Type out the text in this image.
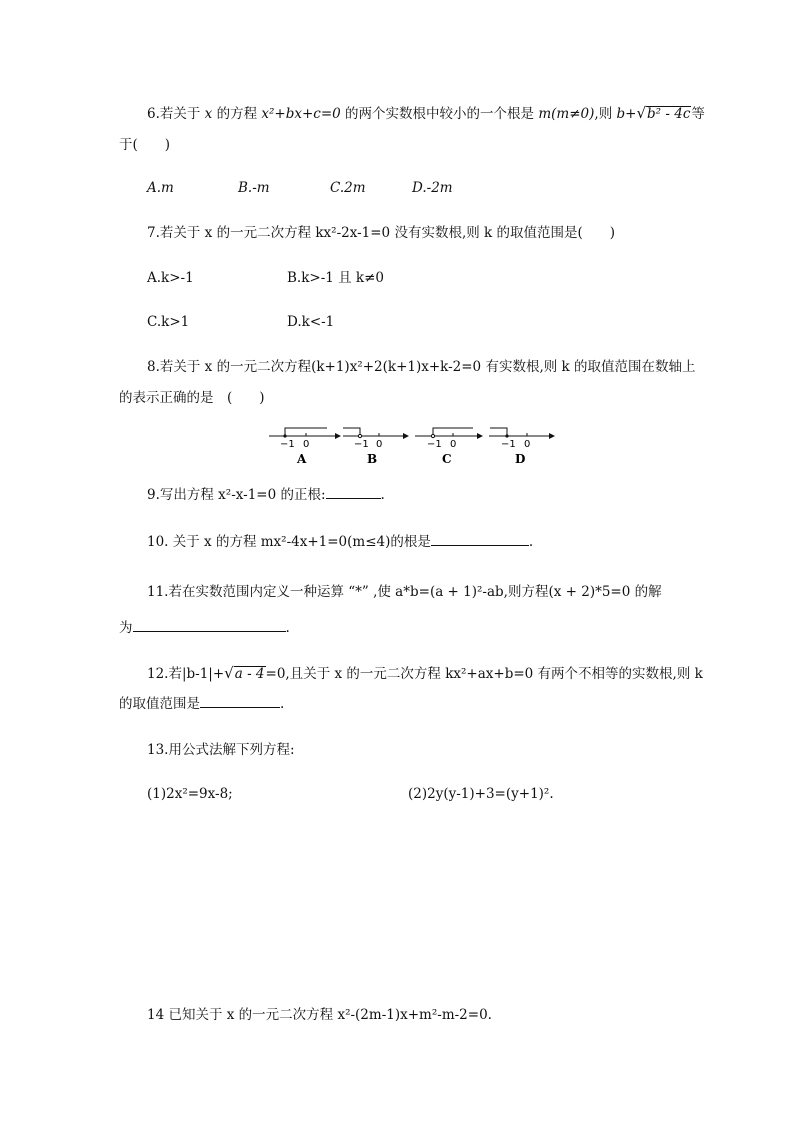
6.若关于 x 的方程 x²+bx+c=0 的两个实数根中较小的一个根是 m(m≠0),则 b+√b² - 4c等
于(　　)
A.m	B.-m	C.2m	D.-2m
7.若关于 x 的一元二次方程 kx²-2x-1=0 没有实数根,则 k 的取值范围是(　　)
A.k>-1	B.k>-1 且 k≠0
C.k>1	D.k<-1
8.若关于 x 的一元二次方程(k+1)x²+2(k+1)x+k-2=0 有实数根,则 k 的取值范围在数轴上
的表示正确的是　(　　)
−1 0
A
−1 0
B
−1 0
C
−1 0
D
9.写出方程 x²-x-1=0 的正根:	.
10. 关于 x 的方程 mx²-4x+1=0(m≤4)的根是	.
11.若在实数范围内定义一种运算 “*” ,使 a*b=(a + 1)²-ab,则方程(x + 2)*5=0 的解
为	.
12.若|b-1|+√a - 4=0,且关于 x 的一元二次方程 kx²+ax+b=0 有两个不相等的实数根,则 k
的取值范围是	.
13.用公式法解下列方程:
(1)2x²=9x-8;	(2)2y(y-1)+3=(y+1)².
14 已知关于 x 的一元二次方程 x²-(2m-1)x+m²-m-2=0.
